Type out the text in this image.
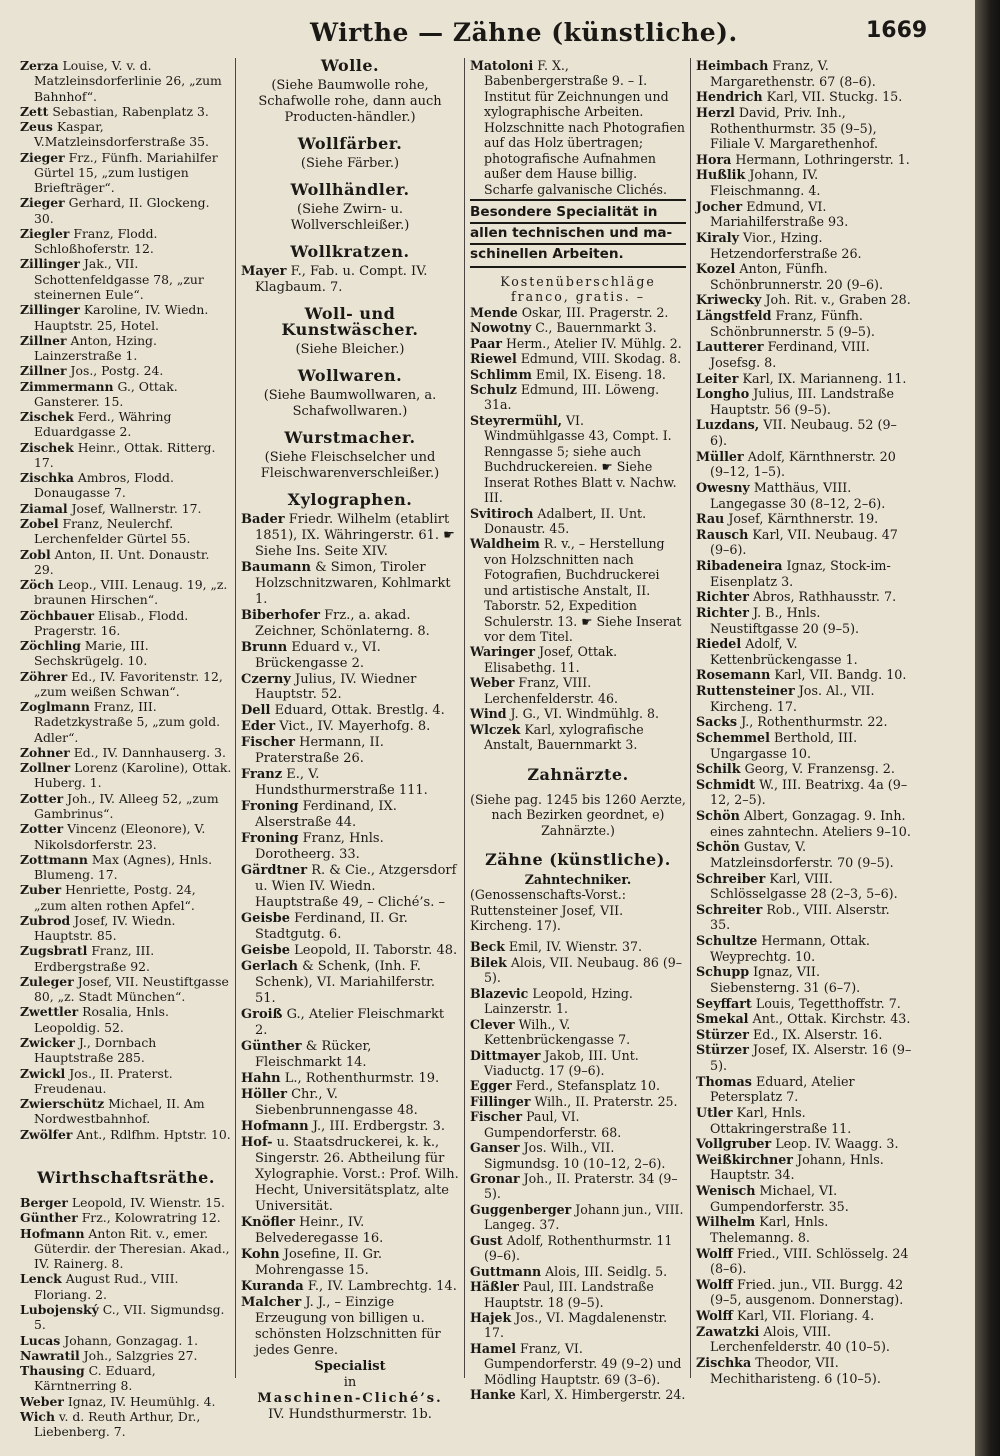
Wirthe — Zähne (künstliche).	1669
Zerza Louise, V. v. d. Matzleinsdorferlinie 26, „zum Bahnhof“.
Zett Sebastian, Rabenplatz 3.
Zeus Kaspar, V.Matzleinsdorferstraße 35.
Zieger Frz., Fünfh. Mariahilfer Gürtel 15, „zum lustigen Briefträger“.
Zieger Gerhard, II. Glockeng. 30.
Ziegler Franz, Flodd. Schloßhoferstr. 12.
Zillinger Jak., VII. Schottenfeldgasse 78, „zur steinernen Eule“.
Zillinger Karoline, IV. Wiedn. Hauptstr. 25, Hotel.
Zillner Anton, Hzing. Lainzerstraße 1.
Zillner Jos., Postg. 24.
Zimmermann G., Ottak. Gansterer. 15.
Zischek Ferd., Währing Eduardgasse 2.
Zischek Heinr., Ottak. Ritterg. 17.
Zischka Ambros, Flodd. Donaugasse 7.
Ziamal Josef, Wallnerstr. 17.
Zobel Franz, Neulerchf. Lerchenfelder Gürtel 55.
Zobl Anton, II. Unt. Donaustr. 29.
Zöch Leop., VIII. Lenaug. 19, „z. braunen Hirschen“.
Zöchbauer Elisab., Flodd. Pragerstr. 16.
Zöchling Marie, III. Sechskrügelg. 10.
Zöhrer Ed., IV. Favoritenstr. 12, „zum weißen Schwan“.
Zoglmann Franz, III. Radetzkystraße 5, „zum gold. Adler“.
Zohner Ed., IV. Dannhauserg. 3.
Zollner Lorenz (Karoline), Ottak. Huberg. 1.
Zotter Joh., IV. Alleeg 52, „zum Gambrinus“.
Zotter Vincenz (Eleonore), V. Nikolsdorferstr. 23.
Zottmann Max (Agnes), Hnls. Blumeng. 17.
Zuber Henriette, Postg. 24, „zum alten rothen Apfel“.
Zubrod Josef, IV. Wiedn. Hauptstr. 85.
Zugsbratl Franz, III. Erdbergstraße 92.
Zuleger Josef, VII. Neustiftgasse 80, „z. Stadt München“.
Zwettler Rosalia, Hnls. Leopoldig. 52.
Zwicker J., Dornbach Hauptstraße 285.
Zwickl Jos., II. Praterst. Freudenau.
Zwierschütz Michael, II. Am Nordwestbahnhof.
Zwölfer Ant., Rdlfhm. Hptstr. 10.
Wirthschaftsräthe.
Berger Leopold, IV. Wienstr. 15.
Günther Frz., Kolowratring 12.
Hofmann Anton Rit. v., emer. Güterdir. der Theresian. Akad., IV. Rainerg. 8.
Lenck August Rud., VIII. Floriang. 2.
Lubojenský C., VII. Sigmundsg. 5.
Lucas Johann, Gonzagag. 1.
Nawratil Joh., Salzgries 27.
Thausing C. Eduard, Kärntnerring 8.
Weber Ignaz, IV. Heumühlg. 4.
Wich v. d. Reuth Arthur, Dr., Liebenberg. 7.
Wolle.
(Siehe Baumwolle rohe, Schafwolle rohe, dann auch Producten-händler.)
Wollfärber.
(Siehe Färber.)
Wollhändler.
(Siehe Zwirn- u. Wollverschleißer.)
Wollkratzen.
Mayer F., Fab. u. Compt. IV. Klagbaum. 7.
Woll- und Kunstwäscher.
(Siehe Bleicher.)
Wollwaren.
(Siehe Baumwollwaren, a. Schafwollwaren.)
Wurstmacher.
(Siehe Fleischselcher und Fleischwarenverschleißer.)
Xylographen.
Bader Friedr. Wilhelm (etablirt 1851), IX. Währingerstr. 61. ☛ Siehe Ins. Seite XIV.
Baumann & Simon, Tiroler Holzschnitzwaren, Kohlmarkt 1.
Biberhofer Frz., a. akad. Zeichner, Schönlaterng. 8.
Brunn Eduard v., VI. Brückengasse 2.
Czerny Julius, IV. Wiedner Hauptstr. 52.
Dell Eduard, Ottak. Brestlg. 4.
Eder Vict., IV. Mayerhofg. 8.
Fischer Hermann, II. Praterstraße 26.
Franz E., V. Hundsthurmerstraße 111.
Froning Ferdinand, IX. Alserstraße 44.
Froning Franz, Hnls. Dorotheerg. 33.
Gärdtner R. & Cie., Atzgersdorf u. Wien IV. Wiedn. Hauptstraße 49, – Cliché’s. –
Geisbe Ferdinand, II. Gr. Stadtgutg. 6.
Geisbe Leopold, II. Taborstr. 48.
Gerlach & Schenk, (Inh. F. Schenk), VI. Mariahilferstr. 51.
Groiß G., Atelier Fleischmarkt 2.
Günther & Rücker, Fleischmarkt 14.
Hahn L., Rothenthurmstr. 19.
Höller Chr., V. Siebenbrunnengasse 48.
Hofmann J., III. Erdbergstr. 3.
Hof- u. Staatsdruckerei, k. k., Singerstr. 26. Abtheilung für Xylographie. Vorst.: Prof. Wilh. Hecht, Universitätsplatz, alte Universität.
Knöfler Heinr., IV. Belvederegasse 16.
Kohn Josefine, II. Gr. Mohrengasse 15.
Kuranda F., IV. Lambrechtg. 14.
Malcher J. J., – Einzige Erzeugung von billigen u. schönsten Holzschnitten für jedes Genre.
Specialist
in
Maschinen-Cliché’s.
IV. Hundsthurmerstr. 1b.
Matoloni F. X., Babenbergerstraße 9. – I. Institut für Zeichnungen und xylographische Arbeiten. Holzschnitte nach Photografien auf das Holz übertragen; photografische Aufnahmen außer dem Hause billig. Scharfe galvanische Clichés.
Besondere Specialität in
allen technischen und ma-
schinellen Arbeiten.
Kostenüberschläge franco, gratis. –
Mende Oskar, III. Pragerstr. 2.
Nowotny C., Bauernmarkt 3.
Paar Herm., Atelier IV. Mühlg. 2.
Riewel Edmund, VIII. Skodag. 8.
Schlimm Emil, IX. Eiseng. 18.
Schulz Edmund, III. Löweng. 31a.
Steyrermühl, VI. Windmühlgasse 43, Compt. I. Renngasse 5; siehe auch Buchdruckereien. ☛ Siehe Inserat Rothes Blatt v. Nachw. III.
Svitiroch Adalbert, II. Unt. Donaustr. 45.
Waldheim R. v., – Herstellung von Holzschnitten nach Fotografien, Buchdruckerei und artistische Anstalt, II. Taborstr. 52, Expedition Schulerstr. 13. ☛ Siehe Inserat vor dem Titel.
Waringer Josef, Ottak. Elisabethg. 11.
Weber Franz, VIII. Lerchenfelderstr. 46.
Wind J. G., VI. Windmühlg. 8.
Wlczek Karl, xylografische Anstalt, Bauernmarkt 3.
Zahnärzte.
(Siehe pag. 1245 bis 1260 Aerzte, nach Bezirken geordnet, e) Zahnärzte.)
Zähne (künstliche).
Zahntechniker.
(Genossenschafts-Vorst.: Ruttensteiner Josef, VII. Kircheng. 17).
Beck Emil, IV. Wienstr. 37.
Bilek Alois, VII. Neubaug. 86 (9–5).
Blazevic Leopold, Hzing. Lainzerstr. 1.
Clever Wilh., V. Kettenbrückengasse 7.
Dittmayer Jakob, III. Unt. Viaductg. 17 (9–6).
Egger Ferd., Stefansplatz 10.
Fillinger Wilh., II. Praterstr. 25.
Fischer Paul, VI. Gumpendorferstr. 68.
Ganser Jos. Wilh., VII. Sigmundsg. 10 (10–12, 2–6).
Gronar Joh., II. Praterstr. 34 (9–5).
Guggenberger Johann jun., VIII. Langeg. 37.
Gust Adolf, Rothenthurmstr. 11 (9–6).
Guttmann Alois, III. Seidlg. 5.
Häßler Paul, III. Landstraße Hauptstr. 18 (9–5).
Hajek Jos., VI. Magdalenenstr. 17.
Hamel Franz, VI. Gumpendorferstr. 49 (9–2) und Mödling Hauptstr. 69 (3–6).
Hanke Karl, X. Himbergerstr. 24.
Heimbach Franz, V. Margarethenstr. 67 (8–6).
Hendrich Karl, VII. Stuckg. 15.
Herzl David, Priv. Inh., Rothenthurmstr. 35 (9–5), Filiale V. Margarethenhof.
Hora Hermann, Lothringerstr. 1.
Hußlik Johann, IV. Fleischmanng. 4.
Jocher Edmund, VI. Mariahilferstraße 93.
Kiraly Vior., Hzing. Hetzendorferstraße 26.
Kozel Anton, Fünfh. Schönbrunnerstr. 20 (9–6).
Kriwecky Joh. Rit. v., Graben 28.
Längstfeld Franz, Fünfh. Schönbrunnerstr. 5 (9–5).
Lautterer Ferdinand, VIII. Josefsg. 8.
Leiter Karl, IX. Marianneng. 11.
Longho Julius, III. Landstraße Hauptstr. 56 (9–5).
Luzdans, VII. Neubaug. 52 (9–6).
Müller Adolf, Kärnthnerstr. 20 (9–12, 1–5).
Owesny Matthäus, VIII. Langegasse 30 (8–12, 2–6).
Rau Josef, Kärnthnerstr. 19.
Rausch Karl, VII. Neubaug. 47 (9–6).
Ribadeneira Ignaz, Stock-im-Eisenplatz 3.
Richter Abros, Rathhausstr. 7.
Richter J. B., Hnls. Neustiftgasse 20 (9–5).
Riedel Adolf, V. Kettenbrückengasse 1.
Rosemann Karl, VII. Bandg. 10.
Ruttensteiner Jos. Al., VII. Kircheng. 17.
Sacks J., Rothenthurmstr. 22.
Schemmel Berthold, III. Ungargasse 10.
Schilk Georg, V. Franzensg. 2.
Schmidt W., III. Beatrixg. 4a (9–12, 2–5).
Schön Albert, Gonzagag. 9. Inh. eines zahntechn. Ateliers 9–10.
Schön Gustav, V. Matzleinsdorferstr. 70 (9–5).
Schreiber Karl, VIII. Schlösselgasse 28 (2–3, 5–6).
Schreiter Rob., VIII. Alserstr. 35.
Schultze Hermann, Ottak. Weyprechtg. 10.
Schupp Ignaz, VII. Siebensterng. 31 (6–7).
Seyffart Louis, Tegetthoffstr. 7.
Smekal Ant., Ottak. Kirchstr. 43.
Stürzer Ed., IX. Alserstr. 16.
Stürzer Josef, IX. Alserstr. 16 (9–5).
Thomas Eduard, Atelier Petersplatz 7.
Utler Karl, Hnls. Ottakringerstraße 11.
Vollgruber Leop. IV. Waagg. 3.
Weißkirchner Johann, Hnls. Hauptstr. 34.
Wenisch Michael, VI. Gumpendorferstr. 35.
Wilhelm Karl, Hnls. Thelemanng. 8.
Wolff Fried., VIII. Schlösselg. 24 (8–6).
Wolff Fried. jun., VII. Burgg. 42 (9–5, ausgenom. Donnerstag).
Wolff Karl, VII. Floriang. 4.
Zawatzki Alois, VIII. Lerchenfelderstr. 40 (10–5).
Zischka Theodor, VII. Mechitharisteng. 6 (10–5).
